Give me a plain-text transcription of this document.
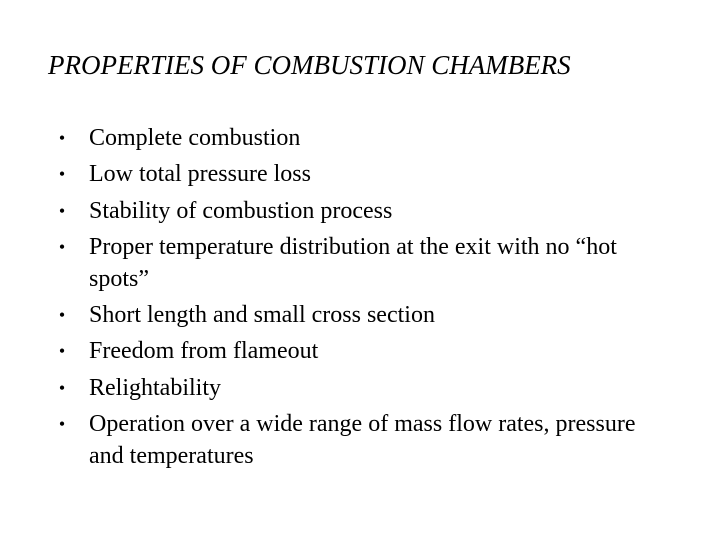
PROPERTIES OF COMBUSTION CHAMBERS
• Complete combustion
• Low total pressure loss
• Stability of combustion process
• Proper temperature distribution at the exit with no “hot spots”
• Short length and small cross section
• Freedom from flameout
• Relightability
• Operation over a wide range of mass flow rates, pressure and temperatures
